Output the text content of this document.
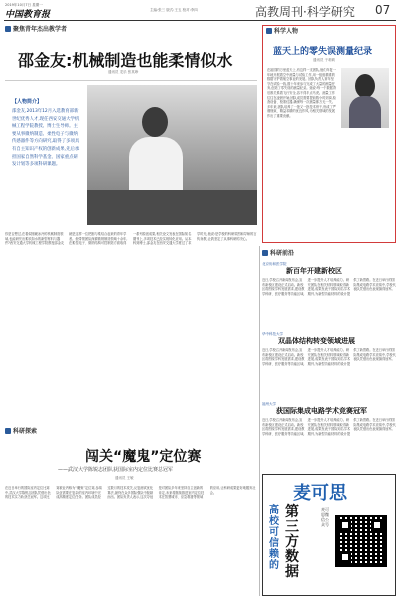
2019年10月7日 星期一
中国教育报	主编:张三 版式:王五 校对:李四	高教周刊·科学研究 07
聚焦青年杰出教学者
邵金友:机械制造也能柔情似水
通讯员 龙乐 张其珍
【人物简介】
邵金友,2013年12月入选教育部新世纪优秀人才,现任西安交通大学机械工程学院教授、博士生导师。主要从事微纳制造、柔性电子与微纳传感器件等方向研究,取得了多项具有自主知识产权的创新成果,先后承担国家自然科学基金、国家重点研发计划等多项科研课题。
你是否想过,在看似刚硬冰冷的机械制造领域,也能研究出柔软如水的新型材料与器件?西安交通大学机械工程学院教授邵金友就是这样一位把刚与柔结合起来的青年学者。他带领团队深耕微纳制造领域十余年,在柔性电子、微纳结构可控制造方面取得一系列原创成果,相关论文发表在国际知名期刊上,多项技术已经实现转化应用。从本科到博士,邵金友在西安交通大学度过了求学时光,他说:是学校的科研氛围和导师的言传身教,让我坚定了从事科研的决心。
科学人物
蓝天上的零失误测量纪录
通讯员 于莉莉
在祖国的万里蓝天上,有这样一支团队,他们年复一年地开展着空中测量与试验工作,用一组组精准的数据守护着航空事业的发展。团队负责人常年坚守在试验一线,数十年来参与完成了大量的测量任务,创造了零失误的测量纪录。她说:每一个数据背后都关系着飞行安全,容不得半点马虎。测量工作往往在凌晨开始,团队成员需要提前数小时到岗,检查设备、校准仪器,确保每一次测量都万无一失。多年来,团队培养了一批又一批技术骨干,形成了严谨细致、精益求精的优良作风,为相关领域的发展作出了重要贡献。
科研前沿
北京协和医学院
新百年开建新校区
近日,学校召开新闻发布会,宣布新校区建设正式启动。新校区将围绕学科发展需求,建设教学科研、医疗服务等功能区域,进一步提升人才培养能力。研究团队在相关材料领域取得新进展,成果发表于国际知名学术期刊,为新型功能材料的设计提供了新思路。在近日举行的国际集成电路学术竞赛中,学校代表队凭借出色表现摘得冠军。
华中科技大学
双晶体结构转变领域进展
近日,学校召开新闻发布会,宣布新校区建设正式启动。新校区将围绕学科发展需求,建设教学科研、医疗服务等功能区域,进一步提升人才培养能力。研究团队在相关材料领域取得新进展,成果发表于国际知名学术期刊,为新型功能材料的设计提供了新思路。在近日举行的国际集成电路学术竞赛中,学校代表队凭借出色表现摘得冠军。
福州大学
获国际集成电路学术竞赛冠军
近日,学校召开新闻发布会,宣布新校区建设正式启动。新校区将围绕学科发展需求,建设教学科研、医疗服务等功能区域,进一步提升人才培养能力。研究团队在相关材料领域取得新进展,成果发表于国际知名学术期刊,为新型功能材料的设计提供了新思路。在近日举行的国际集成电路学术竞赛中,学校代表队凭借出色表现摘得冠军。
科研探索
闯关“魔鬼”定位赛
——武汉大学陈锐志团队获国际室内定位比赛总冠军
通讯员 王敏
在近日举行的国际室内定位比赛中,武汉大学陈锐志团队凭借出色的技术实力斩获总冠军。这项比赛被业内称为“魔鬼”定位赛,参赛队伍需要在复杂的室内环境中完成高精度定位任务。团队成员经过数月的技术攻关,反复测试优化算法,最终在众多国际强队中脱颖而出。团队负责人表示,这次夺冠是对团队多年来坚持自主创新的肯定,未来将继续推进室内定位技术在智慧城市、应急救援等领域的应用,让科研成果更好地服务社会。	麦可思
高校可信赖的
第三方数据
麦可思微信公众号
